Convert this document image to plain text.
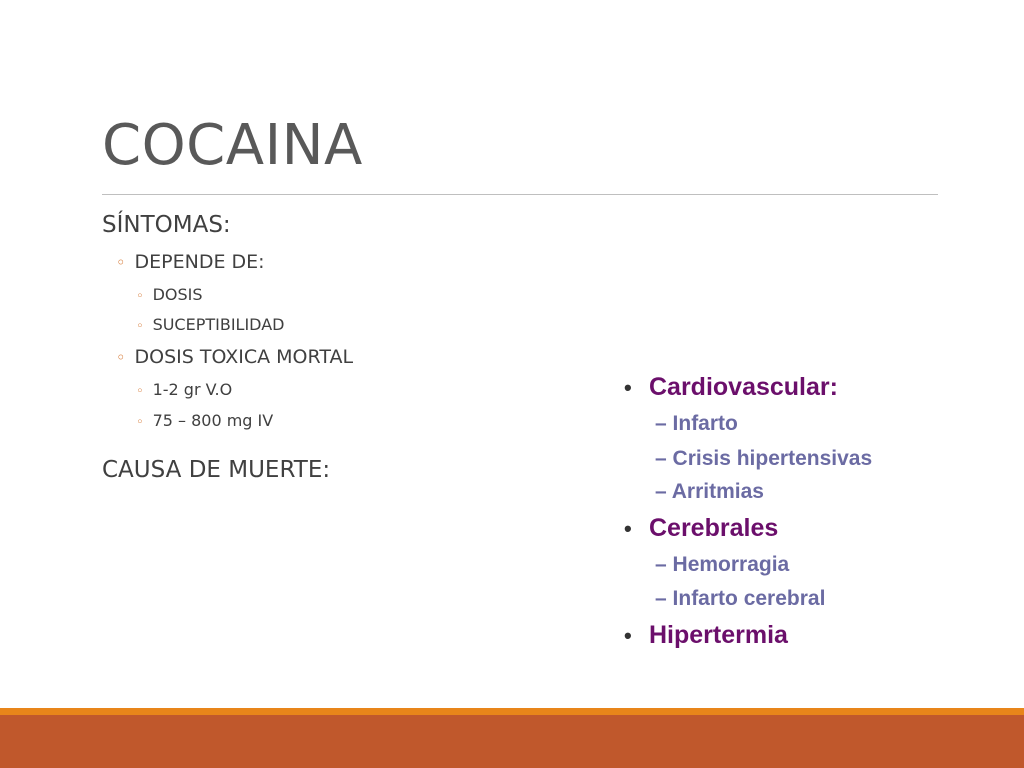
COCAINA
SÍNTOMAS:
◦ DEPENDE DE:
◦ DOSIS
◦ SUCEPTIBILIDAD
◦ DOSIS TOXICA MORTAL
◦ 1-2 gr V.O
◦ 75 – 800 mg IV
CAUSA DE MUERTE:
• Cardiovascular:
– Infarto
– Crisis hipertensivas
– Arritmias
• Cerebrales
– Hemorragia
– Infarto cerebral
• Hipertermia
